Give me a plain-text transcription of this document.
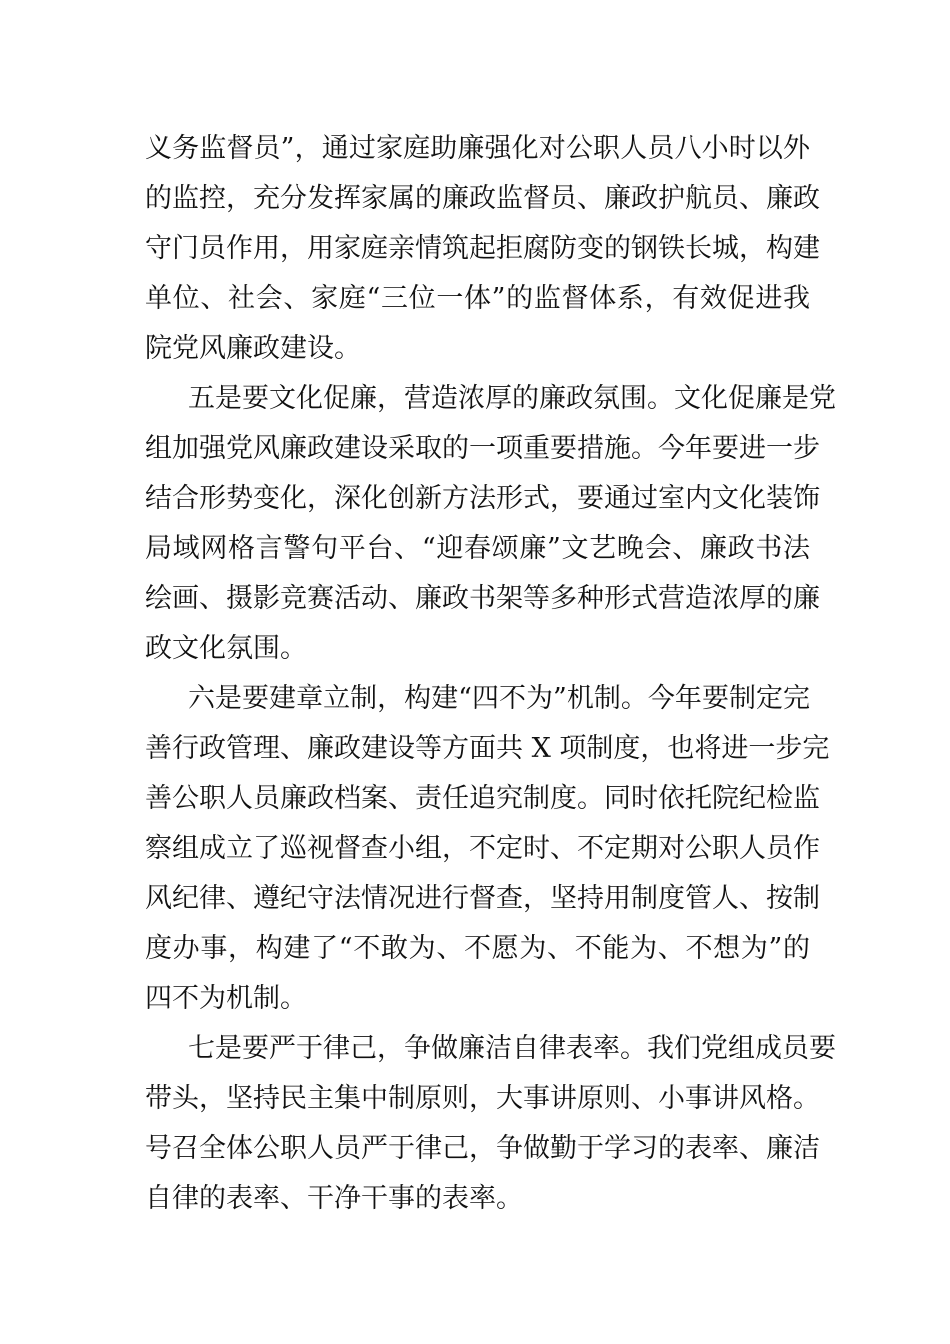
义务监督员”，通过家庭助廉强化对公职人员八小时以外
的监控，充分发挥家属的廉政监督员、廉政护航员、廉政
守门员作用，用家庭亲情筑起拒腐防变的钢铁长城，构建
单位、社会、家庭“三位一体”的监督体系，有效促进我
院党风廉政建设。
五是要文化促廉，营造浓厚的廉政氛围。文化促廉是党
组加强党风廉政建设采取的一项重要措施。今年要进一步
结合形势变化，深化创新方法形式，要通过室内文化装饰
局域网格言警句平台、“迎春颂廉”文艺晚会、廉政书法
绘画、摄影竞赛活动、廉政书架等多种形式营造浓厚的廉
政文化氛围。
六是要建章立制，构建“四不为”机制。今年要制定完
善行政管理、廉政建设等方面共 X 项制度，也将进一步完
善公职人员廉政档案、责任追究制度。同时依托院纪检监
察组成立了巡视督查小组，不定时、不定期对公职人员作
风纪律、遵纪守法情况进行督查，坚持用制度管人、按制
度办事，构建了“不敢为、不愿为、不能为、不想为”的
四不为机制。
七是要严于律己，争做廉洁自律表率。我们党组成员要
带头，坚持民主集中制原则，大事讲原则、小事讲风格。
号召全体公职人员严于律己，争做勤于学习的表率、廉洁
自律的表率、干净干事的表率。
